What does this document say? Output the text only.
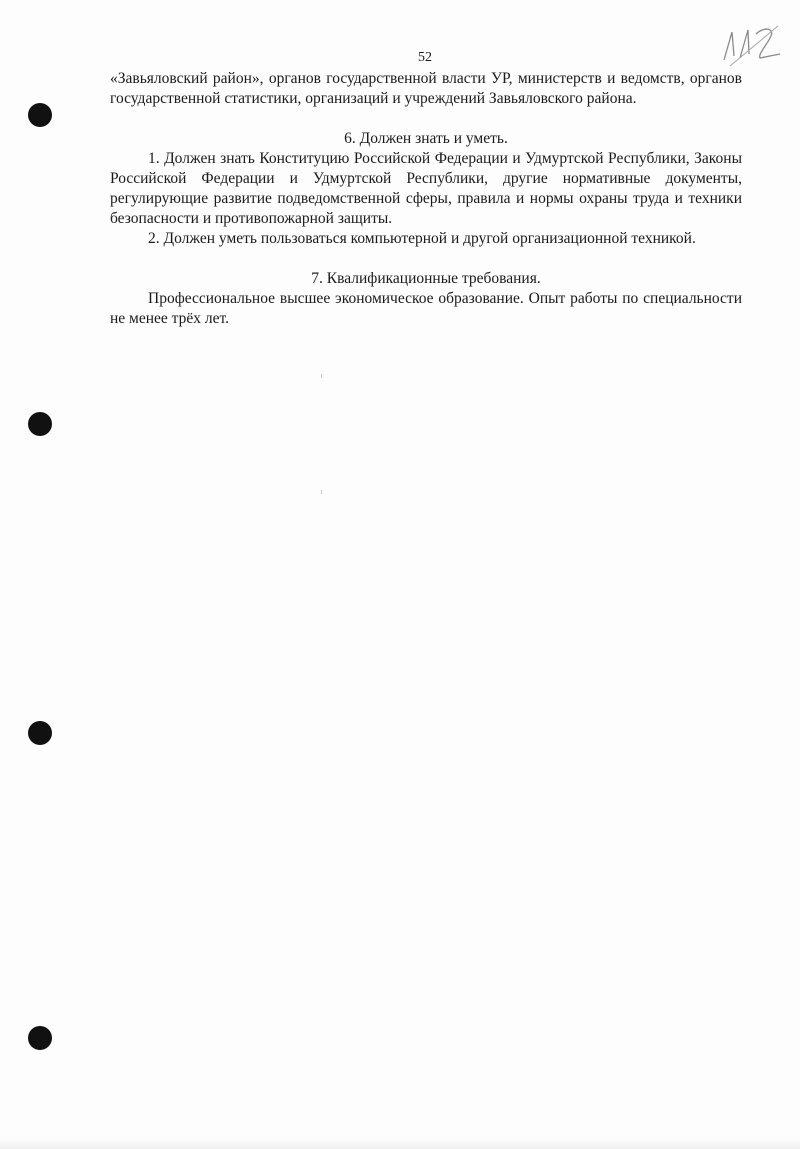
52

«Завьяловский район», органов государственной власти УР, министерств и ведомств, органов государственной статистики, организаций и учреждений Завьяловского района.

6. Должен знать и уметь.

1. Должен знать Конституцию Российской Федерации и Удмуртской Республики, Законы Российской Федерации и Удмуртской Республики, другие нормативные документы, регулирующие развитие подведомственной сферы, правила и нормы охраны труда и техники безопасности и противопожарной защиты.

2. Должен уметь пользоваться компьютерной и другой организационной техникой.

7. Квалификационные требования.

Профессиональное высшее экономическое образование. Опыт работы по специальности не менее трёх лет.
